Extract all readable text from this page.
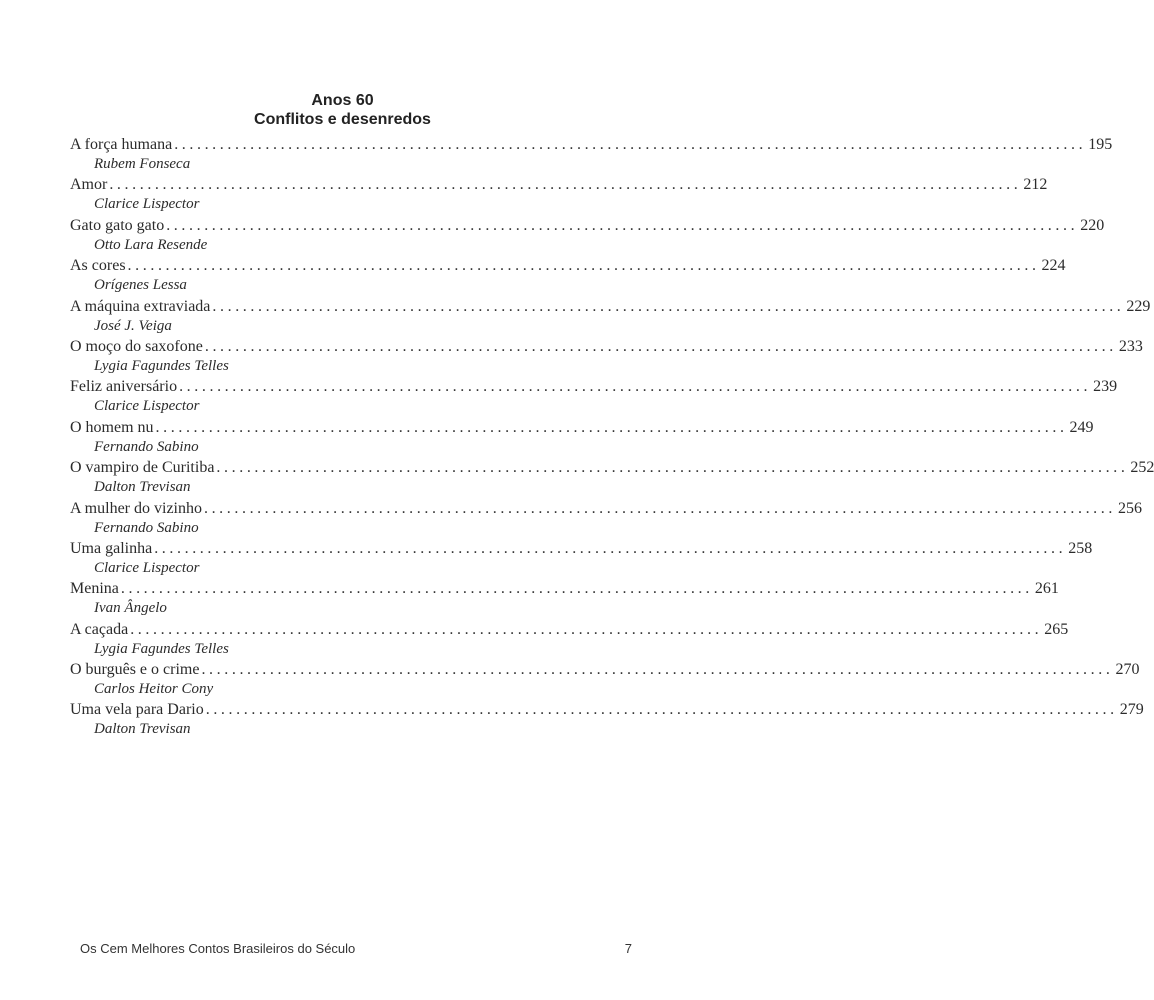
Anos 60
Conflitos e desenredos
A força humana ........................................................................................................................ 195
Rubem Fonseca
Amor ........................................................................................................................ 212
Clarice Lispector
Gato gato gato ........................................................................................................................ 220
Otto Lara Resende
As cores ........................................................................................................................ 224
Orígenes Lessa
A máquina extraviada ........................................................................................................................ 229
José J. Veiga
O moço do saxofone ........................................................................................................................ 233
Lygia Fagundes Telles
Feliz aniversário ........................................................................................................................ 239
Clarice Lispector
O homem nu ........................................................................................................................ 249
Fernando Sabino
O vampiro de Curitiba ........................................................................................................................ 252
Dalton Trevisan
A mulher do vizinho ........................................................................................................................ 256
Fernando Sabino
Uma galinha ........................................................................................................................ 258
Clarice Lispector
Menina ........................................................................................................................ 261
Ivan Ângelo
A caçada ........................................................................................................................ 265
Lygia Fagundes Telles
O burguês e o crime ........................................................................................................................ 270
Carlos Heitor Cony
Uma vela para Dario ........................................................................................................................ 279
Dalton Trevisan
Os Cem Melhores Contos Brasileiros do Século	7
